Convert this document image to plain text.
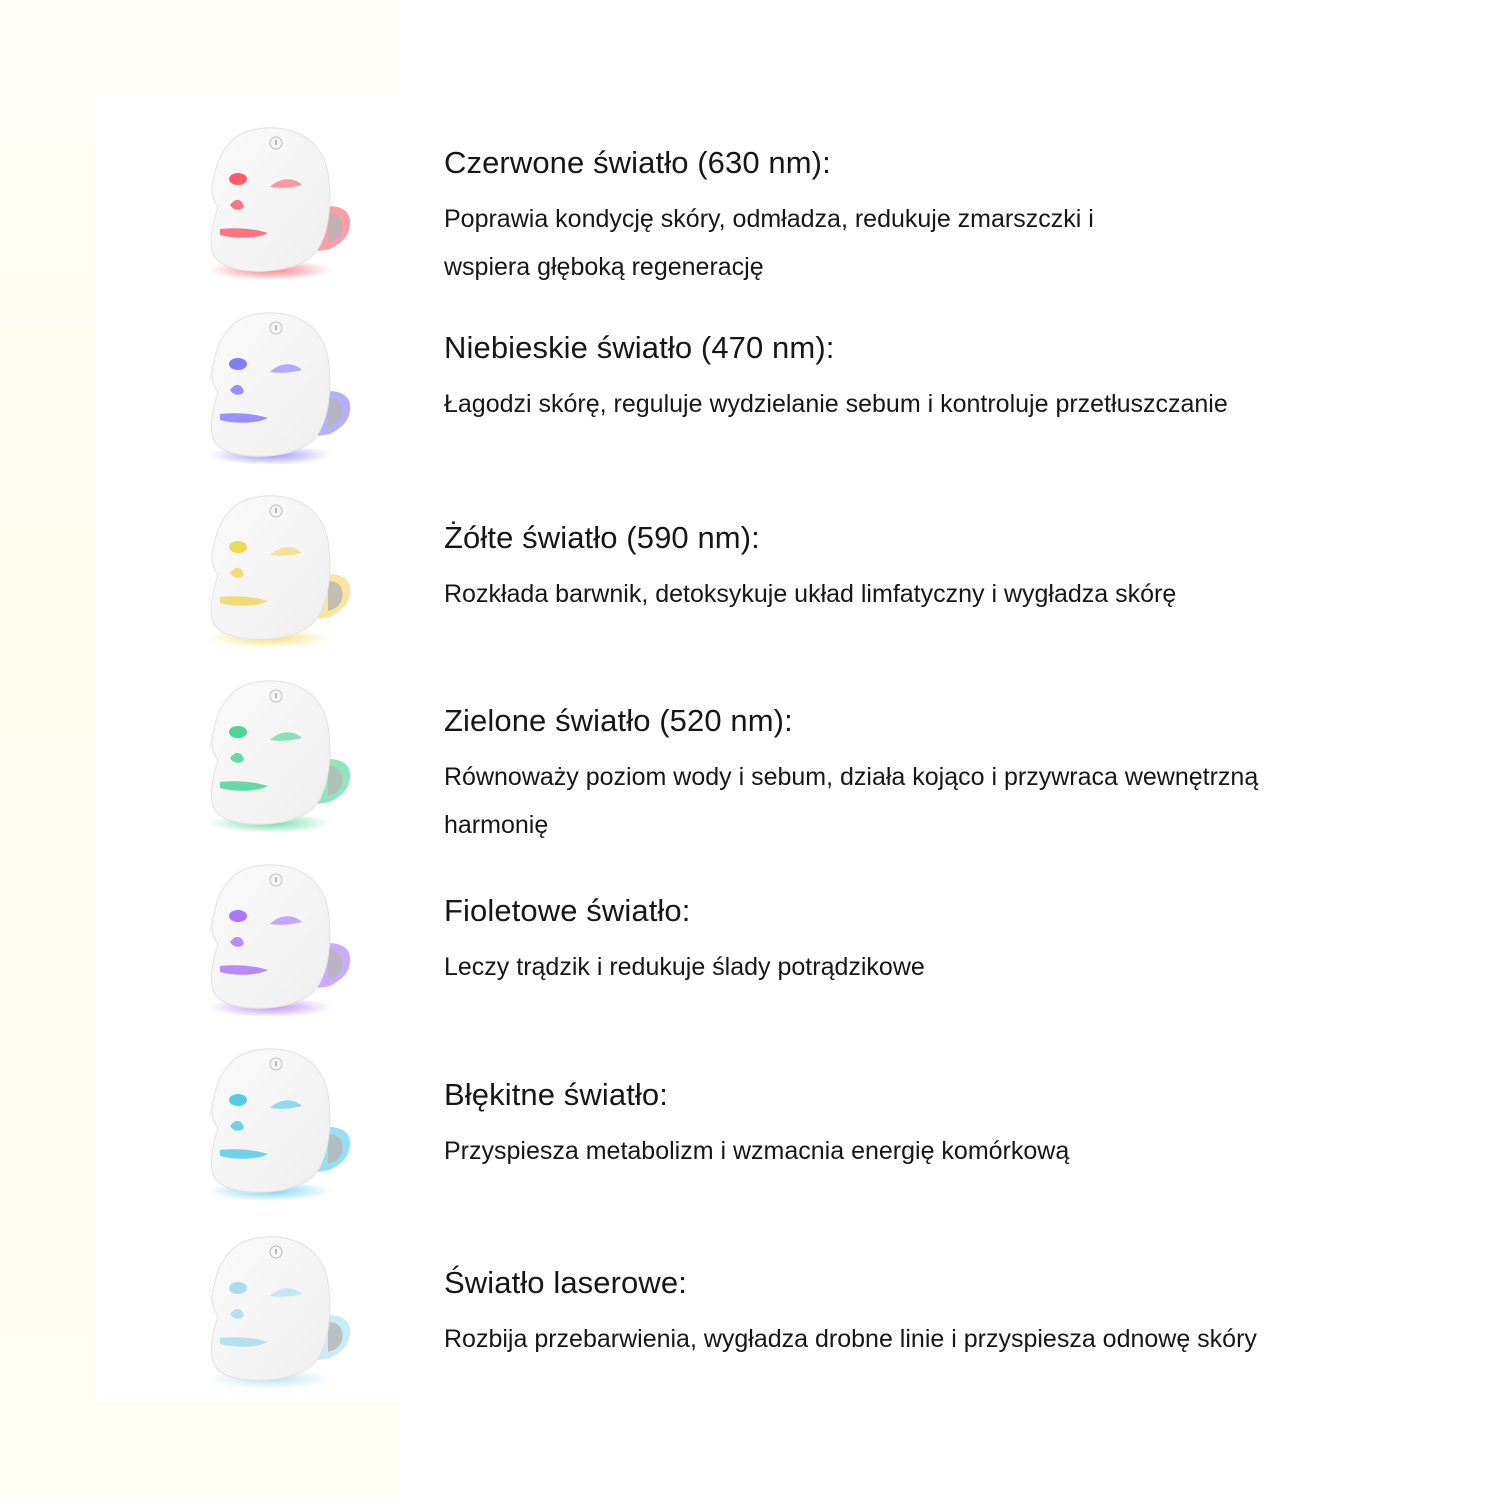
Czerwone światło (630 nm):
Poprawia kondycję skóry, odmładza, redukuje zmarszczki i
wspiera głęboką regenerację
Niebieskie światło (470 nm):
Łagodzi skórę, reguluje wydzielanie sebum i kontroluje przetłuszczanie
Żółte światło (590 nm):
Rozkłada barwnik, detoksykuje układ limfatyczny i wygładza skórę
Zielone światło (520 nm):
Równoważy poziom wody i sebum, działa kojąco i przywraca wewnętrzną
harmonię
Fioletowe światło:
Leczy trądzik i redukuje ślady potrądzikowe
Błękitne światło:
Przyspiesza metabolizm i wzmacnia energię komórkową
Światło laserowe:
Rozbija przebarwienia, wygładza drobne linie i przyspiesza odnowę skóry
